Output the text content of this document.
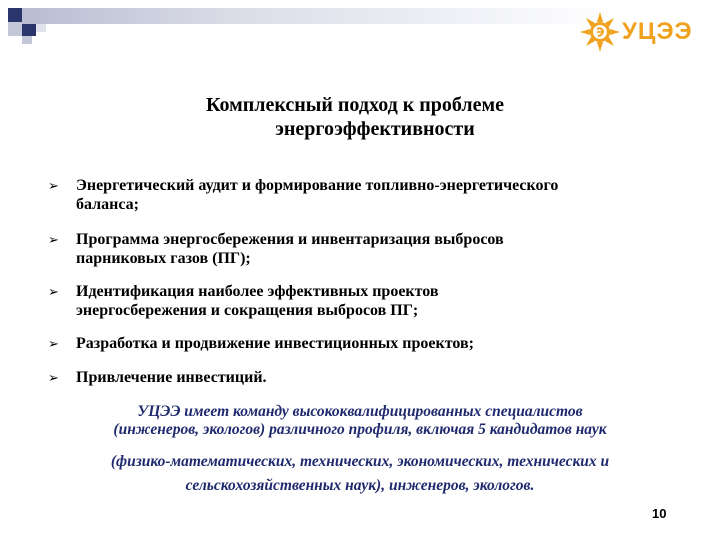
УЦЭЭ
Комплексный подход к проблеме
энергоэффективности
➢ Энергетический аудит и формирование топливно-энергетического
баланса;
➢ Программа энергосбережения и инвентаризация выбросов
парниковых газов (ПГ);
➢ Идентификация наиболее эффективных проектов
энергосбережения и сокращения выбросов ПГ;
➢ Разработка и продвижение инвестиционных проектов;
➢ Привлечение инвестиций.
УЦЭЭ имеет команду высококвалифицированных специалистов
(инженеров, экологов) различного профиля, включая 5 кандидатов наук
(физико-математических, технических, экономических, технических и
сельскохозяйственных наук), инженеров, экологов.
10
